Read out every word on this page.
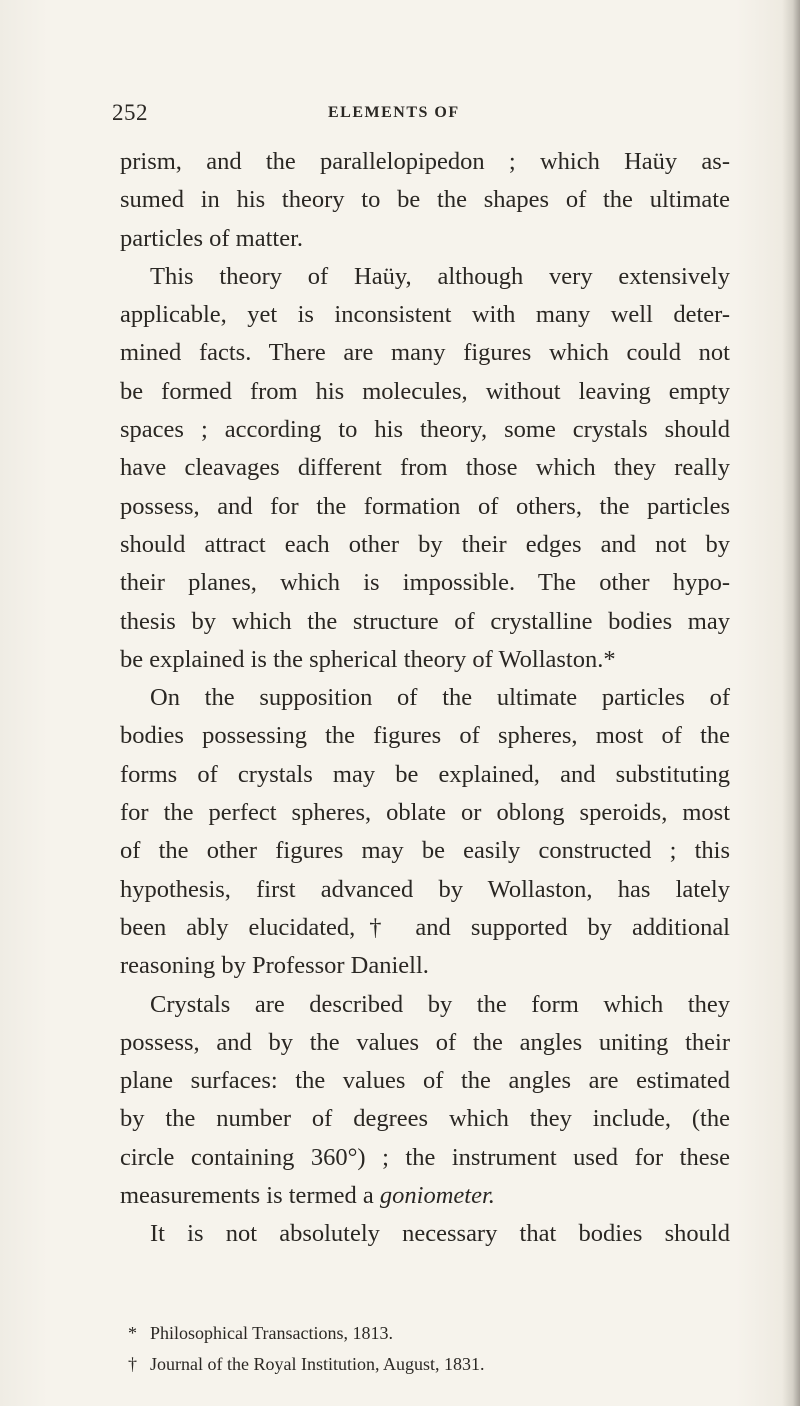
252	ELEMENTS OF
prism, and the parallelopipedon ; which Haüy as-
sumed in his theory to be the shapes of the ultimate
particles of matter.
This theory of Haüy, although very extensively
applicable, yet is inconsistent with many well deter-
mined facts. There are many figures which could not
be formed from his molecules, without leaving empty
spaces ; according to his theory, some crystals should
have cleavages different from those which they really
possess, and for the formation of others, the particles
should attract each other by their edges and not by
their planes, which is impossible. The other hypo-
thesis by which the structure of crystalline bodies may
be explained is the spherical theory of Wollaston.*
On the supposition of the ultimate particles of
bodies possessing the figures of spheres, most of the
forms of crystals may be explained, and substituting
for the perfect spheres, oblate or oblong speroids, most
of the other figures may be easily constructed ; this
hypothesis, first advanced by Wollaston, has lately
been ably elucidated,† and supported by additional
reasoning by Professor Daniell.
Crystals are described by the form which they
possess, and by the values of the angles uniting their
plane surfaces: the values of the angles are estimated
by the number of degrees which they include, (the
circle containing 360°) ; the instrument used for these
measurements is termed a goniometer.
It is not absolutely necessary that bodies should
* Philosophical Transactions, 1813.
† Journal of the Royal Institution, August, 1831.
